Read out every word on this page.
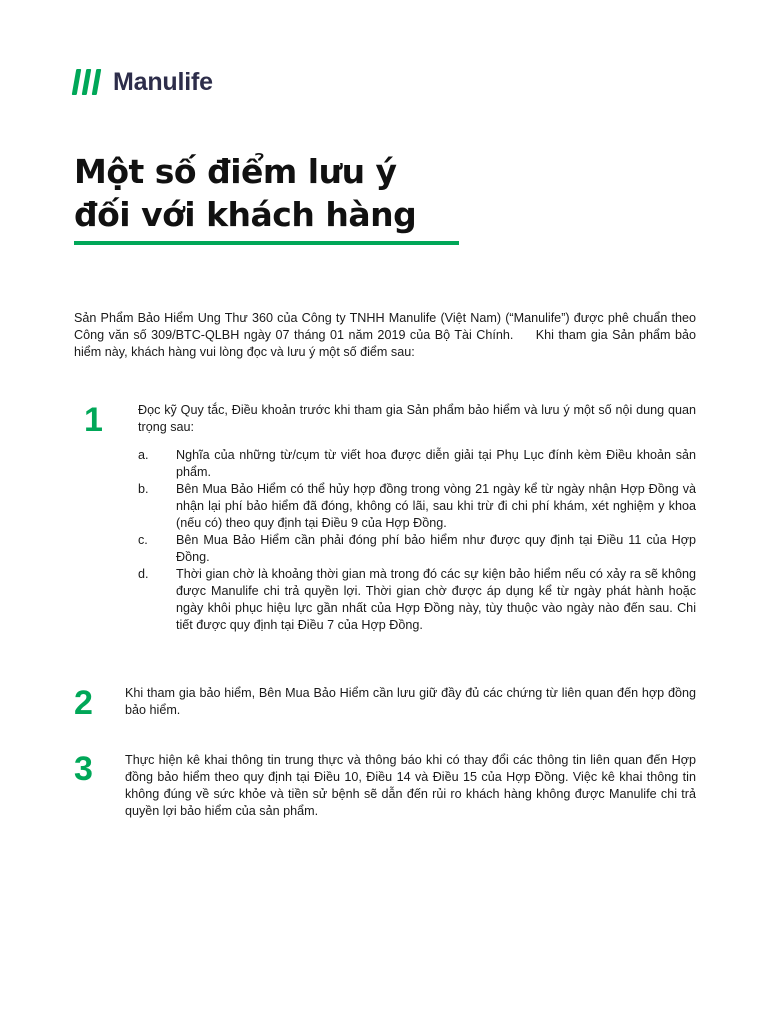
Manulife
Một số điểm lưu ý
đối với khách hàng

Sản Phẩm Bảo Hiểm Ung Thư 360 của Công ty TNHH Manulife (Việt Nam) (“Manulife”) được phê chuẩn theo Công văn số 309/BTC-QLBH ngày 07 tháng 01 năm 2019 của Bộ Tài Chính.     Khi tham gia Sản phẩm bảo hiểm này, khách hàng vui lòng đọc và lưu ý một số điểm sau:

1	Đọc kỹ Quy tắc, Điều khoản trước khi tham gia Sản phẩm bảo hiểm và lưu ý một số nội dung quan trọng sau:

a.	Nghĩa của những từ/cụm từ viết hoa được diễn giải tại Phụ Lục đính kèm Điều khoản sản phẩm.
b.	Bên Mua Bảo Hiểm có thể hủy hợp đồng trong vòng 21 ngày kể từ ngày nhận Hợp Đồng và nhận lại phí bảo hiểm đã đóng, không có lãi, sau khi trừ đi chi phí khám, xét nghiệm y khoa (nếu có) theo quy định tại Điều 9 của Hợp Đồng.
c.	Bên Mua Bảo Hiểm cần phải đóng phí bảo hiểm như được quy định tại Điều 11 của Hợp Đồng.
d.	Thời gian chờ là khoảng thời gian mà trong đó các sự kiện bảo hiểm nếu có xảy ra sẽ không được Manulife chi trả quyền lợi. Thời gian chờ được áp dụng kể từ ngày phát hành hoặc ngày khôi phục hiệu lực gần nhất của Hợp Đồng này, tùy thuộc vào ngày nào đến sau. Chi tiết được quy định tại Điều 7 của Hợp Đồng.
2	Khi tham gia bảo hiểm, Bên Mua Bảo Hiểm cần lưu giữ đầy đủ các chứng từ liên quan đến hợp đồng bảo hiểm.

3	Thực hiện kê khai thông tin trung thực và thông báo khi có thay đổi các thông tin liên quan đến Hợp đồng bảo hiểm theo quy định tại Điều 10, Điều 14 và Điều 15 của Hợp Đồng. Việc kê khai thông tin không đúng về sức khỏe và tiền sử bệnh sẽ dẫn đến rủi ro khách hàng không được Manulife chi trả quyền lợi bảo hiểm của sản phẩm.
